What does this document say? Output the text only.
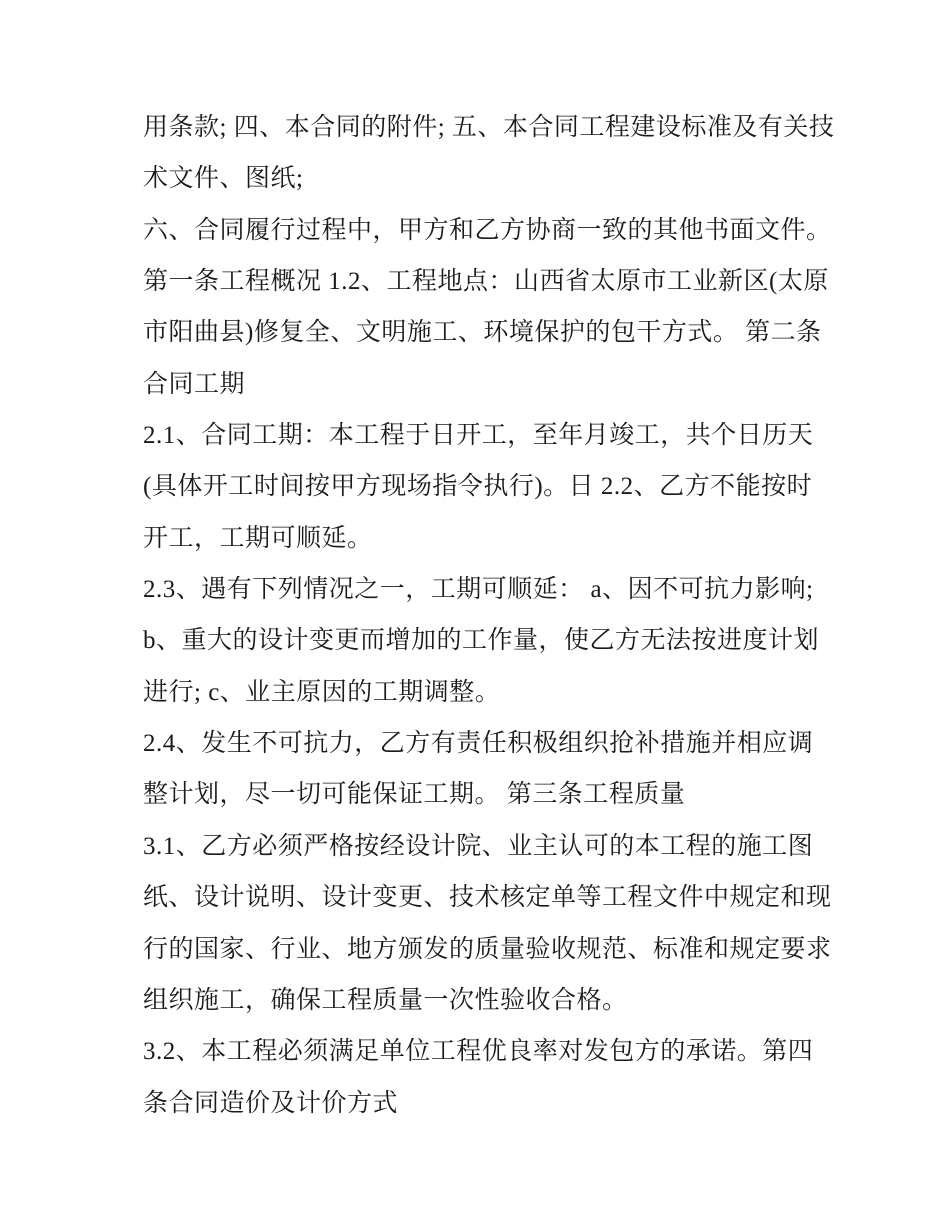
用条款; 四、本合同的附件; 五、本合同工程建设标准及有关技
术文件、图纸;
六、合同履行过程中，甲方和乙方协商一致的其他书面文件。
第一条工程概况 1.2、工程地点：山西省太原市工业新区(太原
市阳曲县)修复全、文明施工、环境保护的包干方式。 第二条
合同工期
2.1、合同工期：本工程于日开工，至年月竣工，共个日历天
(具体开工时间按甲方现场指令执行)。日 2.2、乙方不能按时
开工，工期可顺延。
2.3、遇有下列情况之一，工期可顺延： a、因不可抗力影响;
b、重大的设计变更而增加的工作量，使乙方无法按进度计划
进行; c、业主原因的工期调整。
2.4、发生不可抗力，乙方有责任积极组织抢补措施并相应调
整计划，尽一切可能保证工期。 第三条工程质量
3.1、乙方必须严格按经设计院、业主认可的本工程的施工图
纸、设计说明、设计变更、技术核定单等工程文件中规定和现
行的国家、行业、地方颁发的质量验收规范、标准和规定要求
组织施工，确保工程质量一次性验收合格。
3.2、本工程必须满足单位工程优良率对发包方的承诺。第四
条合同造价及计价方式
